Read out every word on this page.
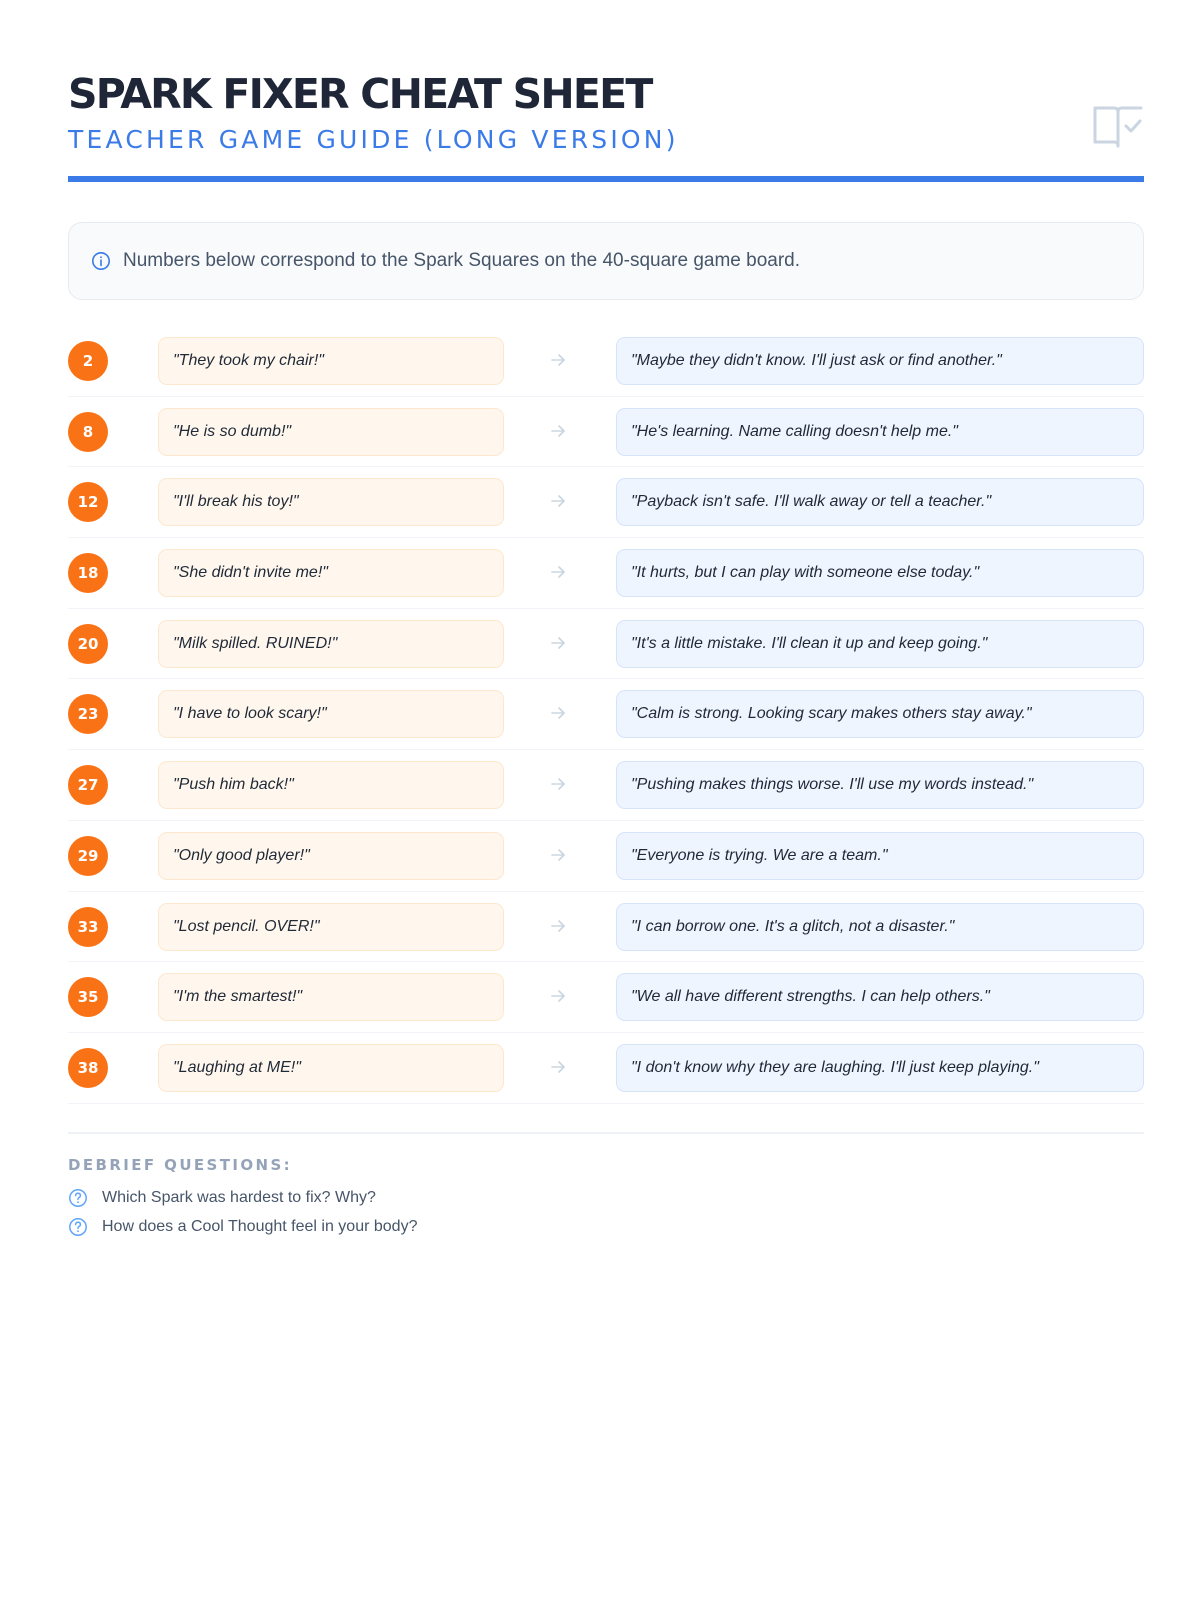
SPARK FIXER CHEAT SHEET
TEACHER GAME GUIDE (LONG VERSION)
Numbers below correspond to the Spark Squares on the 40-square game board.
2	"They took my chair!"	"Maybe they didn't know. I'll just ask or find another."
8	"He is so dumb!"	"He's learning. Name calling doesn't help me."
12	"I'll break his toy!"	"Payback isn't safe. I'll walk away or tell a teacher."
18	"She didn't invite me!"	"It hurts, but I can play with someone else today."
20	"Milk spilled. RUINED!"	"It's a little mistake. I'll clean it up and keep going."
23	"I have to look scary!"	"Calm is strong. Looking scary makes others stay away."
27	"Push him back!"	"Pushing makes things worse. I'll use my words instead."
29	"Only good player!"	"Everyone is trying. We are a team."
33	"Lost pencil. OVER!"	"I can borrow one. It's a glitch, not a disaster."
35	"I'm the smartest!"	"We all have different strengths. I can help others."
38	"Laughing at ME!"	"I don't know why they are laughing. I'll just keep playing."
DEBRIEF QUESTIONS:
Which Spark was hardest to fix? Why?
How does a Cool Thought feel in your body?
